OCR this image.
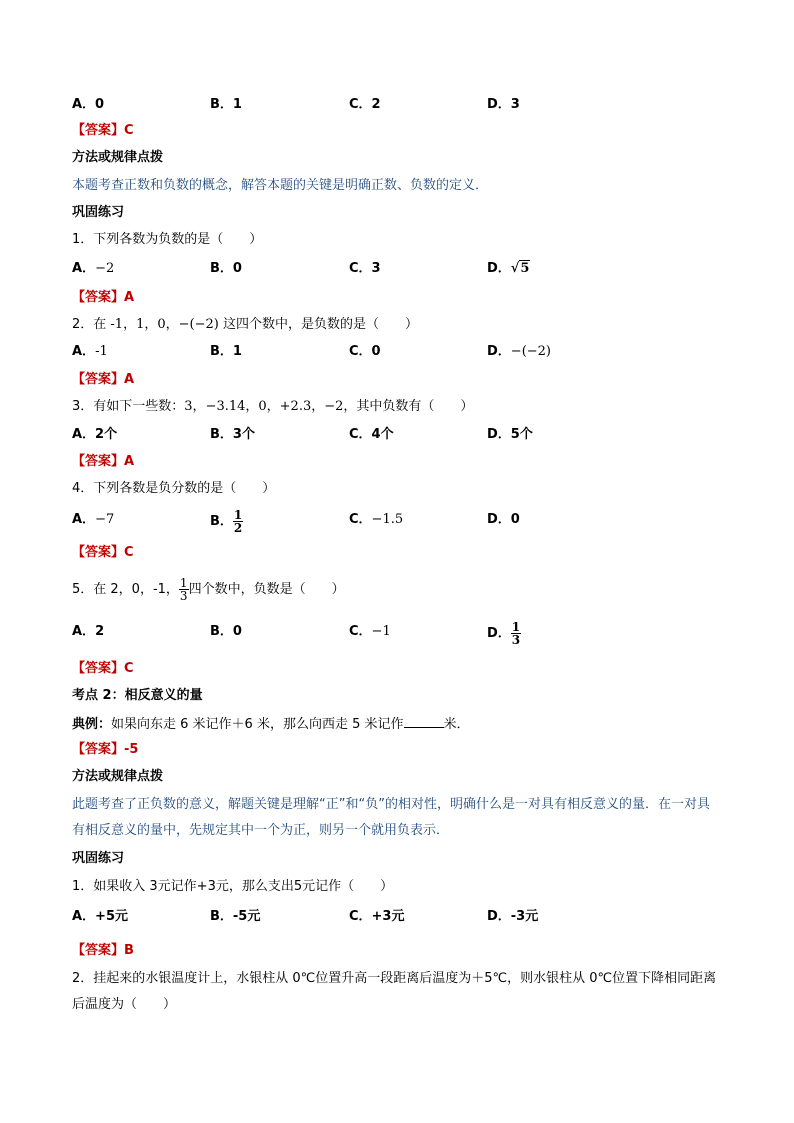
A．0	B．1	C．2	D．3
【答案】C
方法或规律点拨
本题考查正数和负数的概念，解答本题的关键是明确正数、负数的定义．
巩固练习
1．下列各数为负数的是（　　）
A．−2	B．0	C．3	D．√5
【答案】A
2．在 -1，1，0，−(−2) 这四个数中，是负数的是（　　）
A．-1	B．1	C．0	D．−(−2)
【答案】A
3．有如下一些数：3，−3.14，0，+2.3，−2，其中负数有（　　）
A．2个	B．3个	C．4个	D．5个
【答案】A
4．下列各数是负分数的是（　　）
A．−7	B． $\frac{1}{2}$	C．−1.5	D．0
【答案】C
5．在 2，0，-1， $\frac{1}{3}$ 四个数中，负数是（　　）
A．2	B．0	C．−1	D． $\frac{1}{3}$
【答案】C
考点 2：相反意义的量
典例：如果向东走 6 米记作＋6 米，那么向西走 5 米记作	米．
【答案】-5
方法或规律点拨
此题考查了正负数的意义，解题关键是理解“正”和“负”的相对性，明确什么是一对具有相反意义的量．在一对具有相反意义的量中，先规定其中一个为正，则另一个就用负表示．
巩固练习
1．如果收入 3元记作+3元，那么支出5元记作（　　）
A．+5元	B．-5元	C．+3元	D．-3元
【答案】B
2．挂起来的水银温度计上，水银柱从 0℃位置升高一段距离后温度为＋5℃，则水银柱从 0℃位置下降相同距离后温度为（　　）
